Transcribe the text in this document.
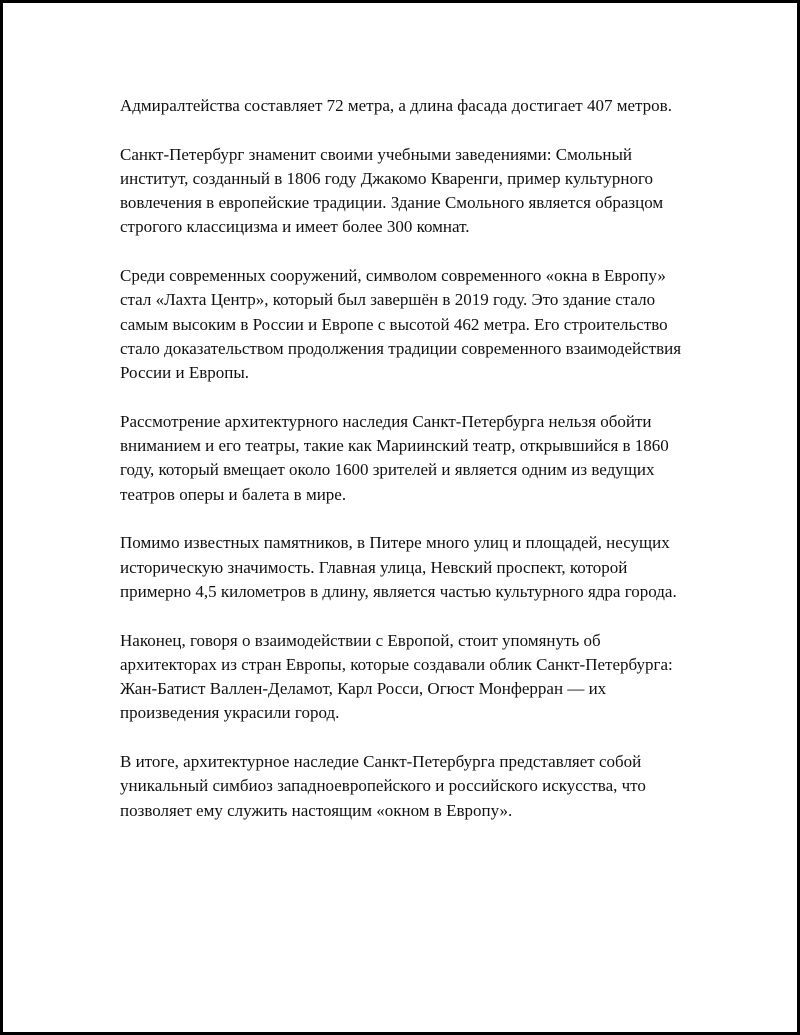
Адмиралтейства составляет 72 метра, а длина фасада достигает 407 метров.

Санкт-Петербург знаменит своими учебными заведениями: Смольный институт, созданный в 1806 году Джакомо Кваренги, пример культурного вовлечения в европейские традиции. Здание Смольного является образцом строгого классицизма и имеет более 300 комнат.

Среди современных сооружений, символом современного «окна в Европу» стал «Лахта Центр», который был завершён в 2019 году. Это здание стало самым высоким в России и Европе с высотой 462 метра. Его строительство стало доказательством продолжения традиции современного взаимодействия России и Европы.

Рассмотрение архитектурного наследия Санкт-Петербурга нельзя обойти вниманием и его театры, такие как Мариинский театр, открывшийся в 1860 году, который вмещает около 1600 зрителей и является одним из ведущих театров оперы и балета в мире.

Помимо известных памятников, в Питере много улиц и площадей, несущих историческую значимость. Главная улица, Невский проспект, которой примерно 4,5 километров в длину, является частью культурного ядра города.

Наконец, говоря о взаимодействии с Европой, стоит упомянуть об архитекторах из стран Европы, которые создавали облик Санкт-Петербурга: Жан-Батист Валлен-Деламот, Карл Росси, Огюст Монферран — их произведения украсили город.

В итоге, архитектурное наследие Санкт-Петербурга представляет собой уникальный симбиоз западноевропейского и российского искусства, что позволяет ему служить настоящим «окном в Европу».
